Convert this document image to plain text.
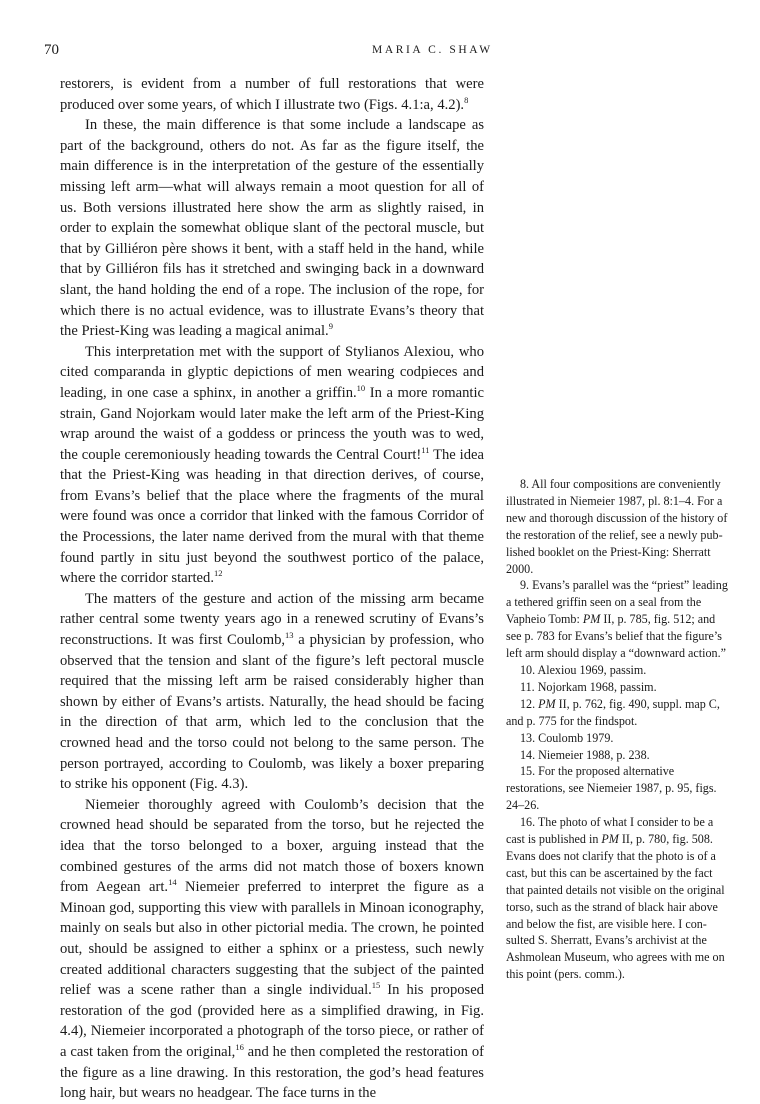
70	MARIA C. SHAW

restorers, is evident from a number of full restorations that were produced over some years, of which I illustrate two (Figs. 4.1:a, 4.2).$^8$

In these, the main difference is that some include a landscape as part of the background, others do not. As far as the figure itself, the main difference is in the interpretation of the gesture of the essentially missing left arm—what will always remain a moot question for all of us. Both versions illustrated here show the arm as slightly raised, in order to explain the somewhat oblique slant of the pectoral muscle, but that by Gilliéron père shows it bent, with a staff held in the hand, while that by Gilliéron fils has it stretched and swinging back in a downward slant, the hand holding the end of a rope. The inclusion of the rope, for which there is no actual evidence, was to illustrate Evans’s theory that the Priest-King was leading a magical animal.$^9$

This interpretation met with the support of Stylianos Alexiou, who cited comparanda in glyptic depictions of men wearing codpieces and leading, in one case a sphinx, in another a griffin.$^{10}$ In a more romantic strain, Gand Nojorkam would later make the left arm of the Priest-King wrap around the waist of a goddess or princess the youth was to wed, the couple ceremoniously heading towards the Central Court!$^{11}$ The idea that the Priest-King was heading in that direction derives, of course, from Evans’s belief that the place where the fragments of the mural were found was once a corridor that linked with the famous Corridor of the Processions, the later name derived from the mural with that theme found partly in situ just beyond the southwest portico of the palace, where the corridor started.$^{12}$

The matters of the gesture and action of the missing arm became rather central some twenty years ago in a renewed scrutiny of Evans’s reconstructions. It was first Coulomb,$^{13}$ a physician by profession, who observed that the tension and slant of the figure’s left pectoral muscle required that the missing left arm be raised considerably higher than shown by either of Evans’s artists. Naturally, the head should be facing in the direction of that arm, which led to the conclusion that the crowned head and the torso could not belong to the same person. The person portrayed, according to Coulomb, was likely a boxer preparing to strike his opponent (Fig. 4.3).

Niemeier thoroughly agreed with Coulomb’s decision that the crowned head should be separated from the torso, but he rejected the idea that the torso belonged to a boxer, arguing instead that the combined gestures of the arms did not match those of boxers known from Aegean art.$^{14}$ Niemeier preferred to interpret the figure as a Minoan god, supporting this view with parallels in Minoan iconography, mainly on seals but also in other pictorial media. The crown, he pointed out, should be assigned to either a sphinx or a priestess, such newly created additional characters suggesting that the subject of the painted relief was a scene rather than a single individual.$^{15}$ In his proposed restoration of the god (provided here as a simplified drawing, in Fig. 4.4), Niemeier incorporated a photograph of the torso piece, or rather of a cast taken from the original,$^{16}$ and he then completed the restoration of the figure as a line drawing. In this restoration, the god’s head features long hair, but wears no headgear. The face turns in the

8. All four compositions are conveniently illustrated in Niemeier 1987, pl. 8:1–4. For a new and thorough discussion of the history of the restoration of the relief, see a newly published booklet on the Priest-King: Sherratt 2000.

9. Evans’s parallel was the “priest” leading a tethered griffin seen on a seal from the Vapheio Tomb: PM II, p. 785, fig. 512; and see p. 783 for Evans’s belief that the figure’s left arm should display a “downward action.”

10. Alexiou 1969, passim.

11. Nojorkam 1968, passim.

12. PM II, p. 762, fig. 490, suppl. map C, and p. 775 for the findspot.

13. Coulomb 1979.

14. Niemeier 1988, p. 238.

15. For the proposed alternative restorations, see Niemeier 1987, p. 95, figs. 24–26.

16. The photo of what I consider to be a cast is published in PM II, p. 780, fig. 508. Evans does not clarify that the photo is of a cast, but this can be ascertained by the fact that painted details not visible on the original torso, such as the strand of black hair above and below the fist, are visible here. I consulted S. Sherratt, Evans’s archivist at the Ashmolean Museum, who agrees with me on this point (pers. comm.).
